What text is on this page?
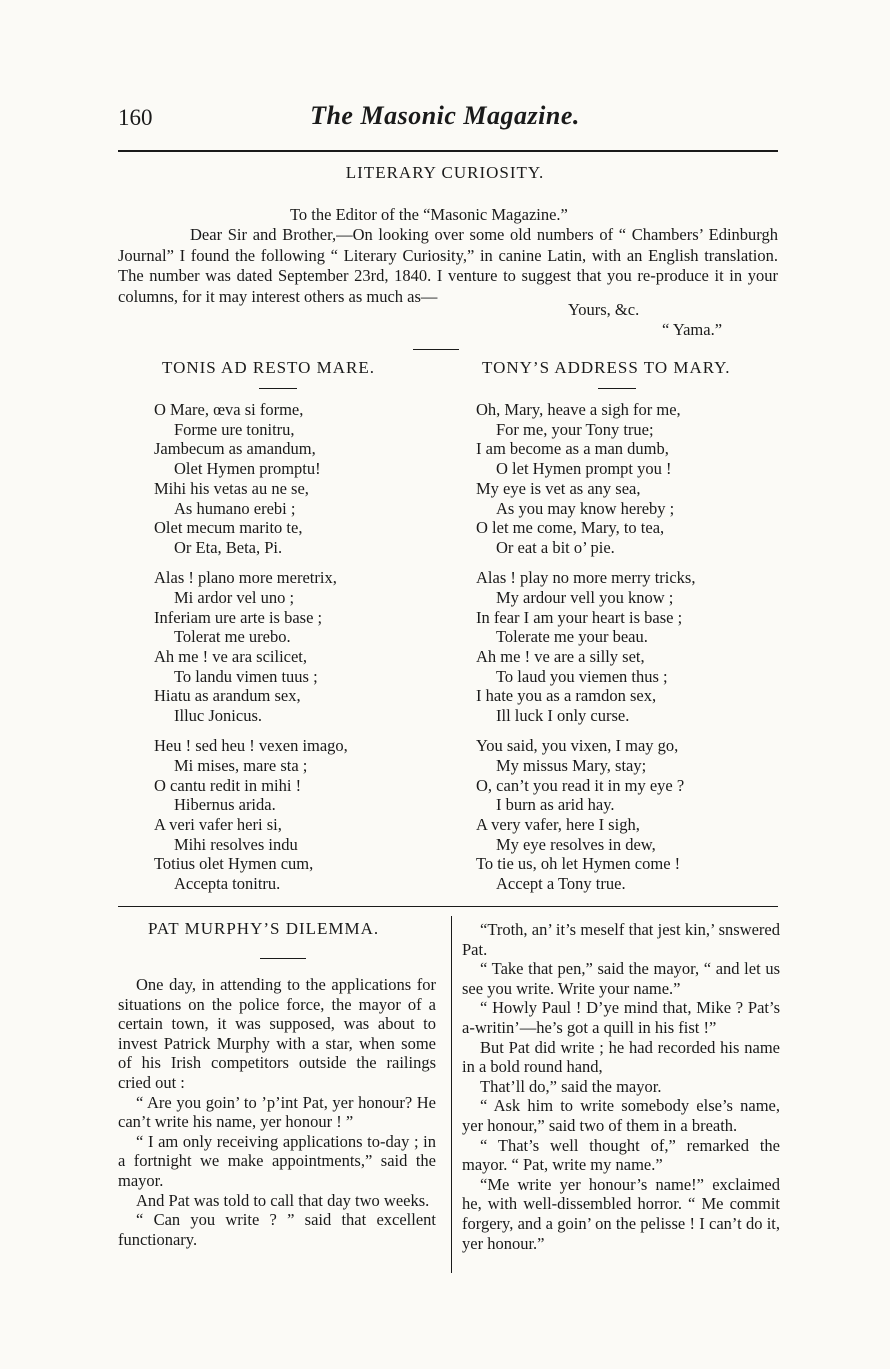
160	The Masonic Magazine.
LITERARY CURIOSITY.
To the Editor of the “Masonic Magazine.”

Dear Sir and Brother,—On looking over some old numbers of “ Chambers’ Edinburgh Journal” I found the following “ Literary Curiosity,” in canine Latin, with an English translation. The number was dated September 23rd, 1840. I venture to suggest that you re-produce it in your columns, for it may interest others as much as—

Yours, &c.
“ Yama.”
TONIS AD RESTO MARE.	TONY’S ADDRESS TO MARY.
O Mare, œva si forme,
Forme ure tonitru,
Jambecum as amandum,
Olet Hymen promptu!
Mihi his vetas au ne se,
As humano erebi ;
Olet mecum marito te,
Or Eta, Beta, Pi.
Alas ! plano more meretrix,
Mi ardor vel uno ;
Inferiam ure arte is base ;
Tolerat me urebo.
Ah me ! ve ara scilicet,
To landu vimen tuus ;
Hiatu as arandum sex,
Illuc Jonicus.
Heu ! sed heu ! vexen imago,
Mi mises, mare sta ;
O cantu redit in mihi !
Hibernus arida.
A veri vafer heri si,
Mihi resolves indu
Totius olet Hymen cum,
Accepta tonitru.
Oh, Mary, heave a sigh for me,
For me, your Tony true;
I am become as a man dumb,
O let Hymen prompt you !
My eye is vet as any sea,
As you may know hereby ;
O let me come, Mary, to tea,
Or eat a bit o’ pie.
Alas ! play no more merry tricks,
My ardour vell you know ;
In fear I am your heart is base ;
Tolerate me your beau.
Ah me ! ve are a silly set,
To laud you viemen thus ;
I hate you as a ramdon sex,
Ill luck I only curse.
You said, you vixen, I may go,
My missus Mary, stay;
O, can’t you read it in my eye ?
I burn as arid hay.
A very vafer, here I sigh,
My eye resolves in dew,
To tie us, oh let Hymen come !
Accept a Tony true.
PAT MURPHY’S DILEMMA.

One day, in attending to the applications for situations on the police force, the mayor of a certain town, it was supposed, was about to invest Patrick Murphy with a star, when some of his Irish competitors outside the railings cried out :

“ Are you goin’ to ’p’int Pat, yer honour? He can’t write his name, yer honour ! ”

“ I am only receiving applications to-day ; in a fortnight we make appointments,” said the mayor.

And Pat was told to call that day two weeks.

“ Can you write ? ” said that excellent functionary.

“Troth, an’ it’s meself that jest kin,’ snswered Pat.

“ Take that pen,” said the mayor, “ and let us see you write. Write your name.”

“ Howly Paul ! D’ye mind that, Mike ? Pat’s a-writin’—he’s got a quill in his fist !”

But Pat did write ; he had recorded his name in a bold round hand,

That’ll do,” said the mayor.

“ Ask him to write somebody else’s name, yer honour,” said two of them in a breath.

“ That’s well thought of,” remarked the mayor. “ Pat, write my name.”

“Me write yer honour’s name!” exclaimed he, with well-dissembled horror. “ Me commit forgery, and a goin’ on the pelisse ! I can’t do it, yer honour.”
